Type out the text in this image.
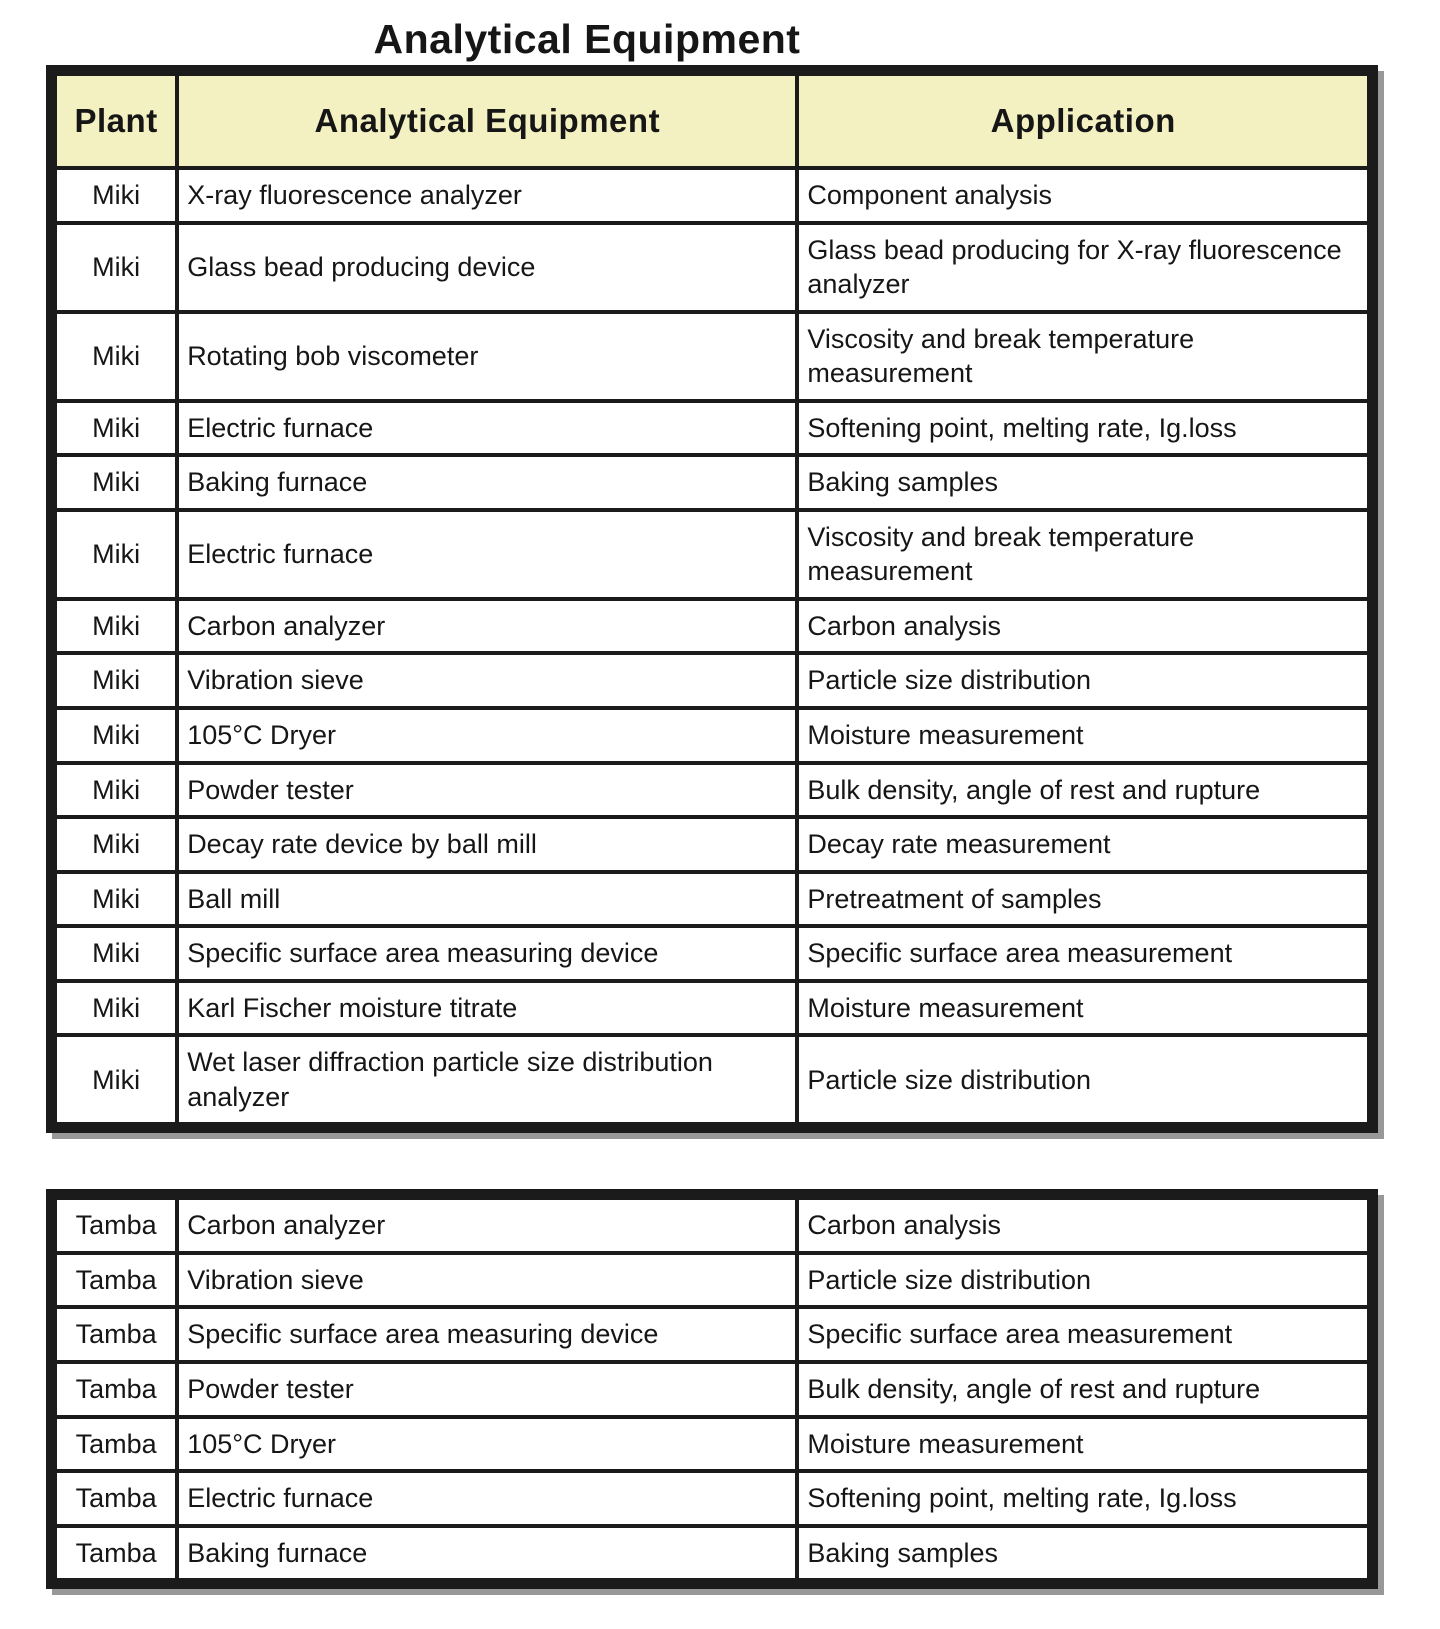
Analytical Equipment
Plant	Analytical Equipment	Application
Miki	X-ray fluorescence analyzer	Component analysis
Miki	Glass bead producing device	Glass bead producing for X-ray fluorescence analyzer
Miki	Rotating bob viscometer	Viscosity and break temperature measurement
Miki	Electric furnace	Softening point, melting rate, Ig.loss
Miki	Baking furnace	Baking samples
Miki	Electric furnace	Viscosity and break temperature measurement
Miki	Carbon analyzer	Carbon analysis
Miki	Vibration sieve	Particle size distribution
Miki	105°C Dryer	Moisture measurement
Miki	Powder tester	Bulk density, angle of rest and rupture
Miki	Decay rate device by ball mill	Decay rate measurement
Miki	Ball mill	Pretreatment of samples
Miki	Specific surface area measuring device	Specific surface area measurement
Miki	Karl Fischer moisture titrate	Moisture measurement
Miki	Wet laser diffraction particle size distribution analyzer	Particle size distribution
Tamba	Carbon analyzer	Carbon analysis
Tamba	Vibration sieve	Particle size distribution
Tamba	Specific surface area measuring device	Specific surface area measurement
Tamba	Powder tester	Bulk density, angle of rest and rupture
Tamba	105°C Dryer	Moisture measurement
Tamba	Electric furnace	Softening point, melting rate, Ig.loss
Tamba	Baking furnace	Baking samples
